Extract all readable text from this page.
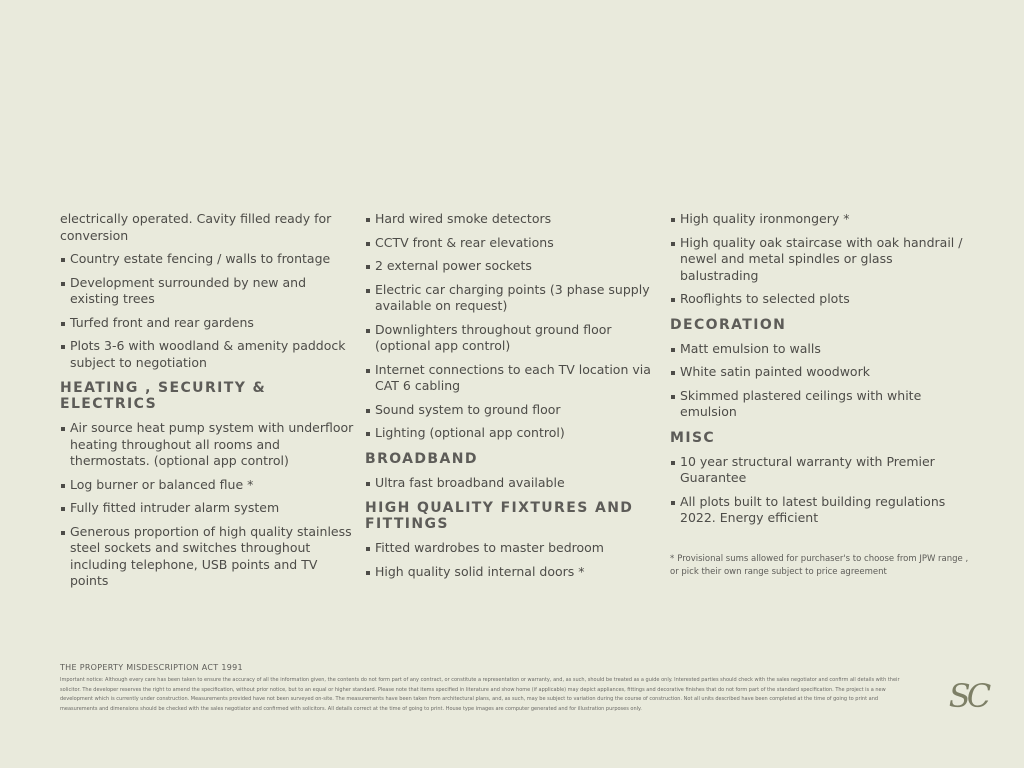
electrically operated. Cavity filled ready for conversion

Country estate fencing / walls to frontage
Development surrounded by new and existing trees
Turfed front and rear gardens
Plots 3-6 with woodland & amenity paddock subject to negotiation
HEATING , SECURITY & ELECTRICS
Air source heat pump system with underfloor heating throughout all rooms and thermostats. (optional app control)
Log burner or balanced flue *
Fully fitted intruder alarm system
Generous proportion of high quality stainless steel sockets and switches throughout including telephone, USB points and TV points
Hard wired smoke detectors
CCTV front & rear elevations
2 external power sockets
Electric car charging points (3 phase supply available on request)
Downlighters throughout ground floor (optional app control)
Internet connections to each TV location via CAT 6 cabling
Sound system to ground floor
Lighting (optional app control)
BROADBAND
Ultra fast broadband available
HIGH QUALITY FIXTURES AND FITTINGS
Fitted wardrobes to master bedroom
High quality solid internal doors *
High quality ironmongery *
High quality oak staircase with oak handrail / newel and metal spindles or glass balustrading
Rooflights to selected plots
DECORATION
Matt emulsion to walls
White satin painted woodwork
Skimmed plastered ceilings with white emulsion
MISC
10 year structural warranty with Premier Guarantee
All plots built to latest building regulations 2022. Energy efficient
* Provisional sums allowed for purchaser's to choose from JPW range , or pick their own range subject to price agreement
THE PROPERTY MISDESCRIPTION ACT 1991
Important notice: Although every care has been taken to ensure the accuracy of all the information given, the contents do not form part of any contract, or constitute a representation or warranty, and, as such, should be treated as a guide only. Interested parties should check with the sales negotiator and confirm all details with their solicitor. The developer reserves the right to amend the specification, without prior notice, but to an equal or higher standard. Please note that items specified in literature and show home (if applicable) may depict appliances, fittings and decorative finishes that do not form part of the standard specification. The project is a new development which is currently under construction. Measurements provided have not been surveyed on-site. The measurements have been taken from architectural plans, and, as such, may be subject to variation during the course of construction. Not all units described have been completed at the time of going to print and measurements and dimensions should be checked with the sales negotiator and confirmed with solicitors. All details correct at the time of going to print. House type images are computer generated and for illustration purposes only.	SC
